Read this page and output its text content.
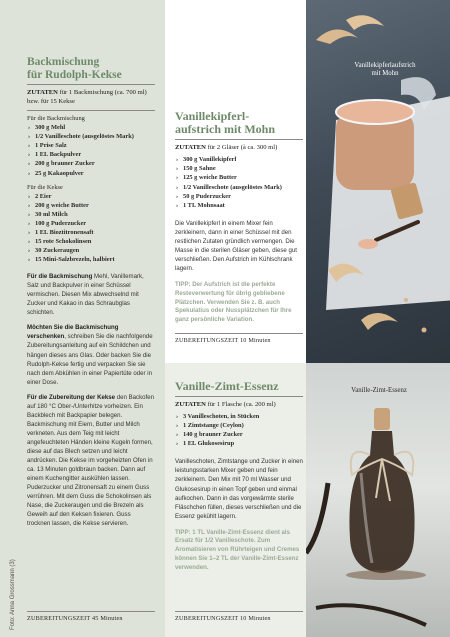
Backmischung
für Rudolph-Kekse
ZUTATEN für 1 Backmischung (ca. 700 ml) bzw. für 15 Kekse
Für die Backmischung
› 300 g Mehl
› 1/2 Vanilleschote (ausgelöstes Mark)
› 1 Prise Salz
› 1 EL Backpulver
› 200 g brauner Zucker
› 25 g Kakaopulver
Für die Kekse
› 2 Eier
› 200 g weiche Butter
› 30 ml Milch
› 100 g Puderzucker
› 1 EL Bioztitronensaft
› 15 rote Schokolinsen
› 30 Zuckeraugen
› 15 Mini-Salzbrezeln, halbiert

Für die Backmischung Mehl, Vanillemark, Salz und Backpulver in einer Schüssel vermischen. Diesen Mix abwechselnd mit Zucker und Kakao in das Schraubglas schichten.

Möchten Sie die Backmischung verschenken, schreiben Sie die nachfolgende Zubereitungsanleitung auf ein Schildchen und hängen dieses ans Glas. Oder backen Sie die Rudolph-Kekse fertig und verpacken Sie sie nach dem Abkühlen in einer Papiertüte oder in einer Dose.

Für die Zubereitung der Kekse den Backofen auf 180 °C Ober-/Unterhitze vorheizen. Ein Backblech mit Backpapier belegen. Backmischung mit Eiern, Butter und Milch verkneten. Aus dem Teig mit leicht angefeuchteten Händen kleine Kugeln formen, diese auf das Blech setzen und leicht andrücken. Die Kekse im vorgeheizten Ofen in ca. 13 Minuten goldbraun backen. Dann auf einem Kuchengitter auskühlen lassen. Puderzucker und Zitronensaft zu einem Guss verrühren. Mit dem Guss die Schokolinsen als Nase, die Zuckeraugen und die Brezeln als Geweih auf den Keksen fixieren. Guss trocknen lassen, die Kekse servieren.

ZUBEREITUNGSZEIT 45 Minuten
Foto: Anna Grossmann (3)
Vanillekipferl-
aufstrich mit Mohn
ZUTATEN für 2 Gläser (à ca. 300 ml)
› 300 g Vanillekipferl
› 150 g Sahne
› 125 g weiche Butter
› 1/2 Vanilleschote (ausgelöstes Mark)
› 50 g Puderzucker
› 1 TL Mohnsaat

Die Vanillekipferl in einem Mixer fein zerkleinern, dann in einer Schüssel mit den restlichen Zutaten gründlich vermengen. Die Masse in die sterilen Gläser geben, diese gut verschließen. Den Aufstrich im Kühlschrank lagern.

TIPP: Der Aufstrich ist die perfekte Resteverwertung für übrig gebliebene Plätzchen. Verwenden Sie z. B. auch Spekulatius oder Nussplätzchen für Ihre ganz persönliche Variation.

ZUBEREITUNGSZEIT 10 Minuten
Vanille-Zimt-Essenz
ZUTATEN für 1 Flasche (ca. 200 ml)
› 3 Vanilleschoten, in Stücken
› 1 Zimtstange (Ceylon)
› 140 g brauner Zucker
› 1 EL Glukosesirup

Vanilleschoten, Zimtstange und Zucker in einen leistungsstarken Mixer geben und fein zerkleinern. Den Mix mit 70 ml Wasser und Glukosesirup in einen Topf geben und einmal aufkochen. Dann in das vorgewärmte sterile Fläschchen füllen, dieses verschließen und die Essenz gekühlt lagern.

TIPP: 1 TL Vanille-Zimt-Essenz dient als Ersatz für 1/2 Vanilleschote. Zum Aromatisieren von Rührteigen und Cremes können Sie 1–2 TL der Vanille-Zimt-Essenz verwenden.

ZUBEREITUNGSZEIT 10 Minuten
Vanillekipferlaufstrich
mit Mohn
Vanille-Zimt-Essenz
